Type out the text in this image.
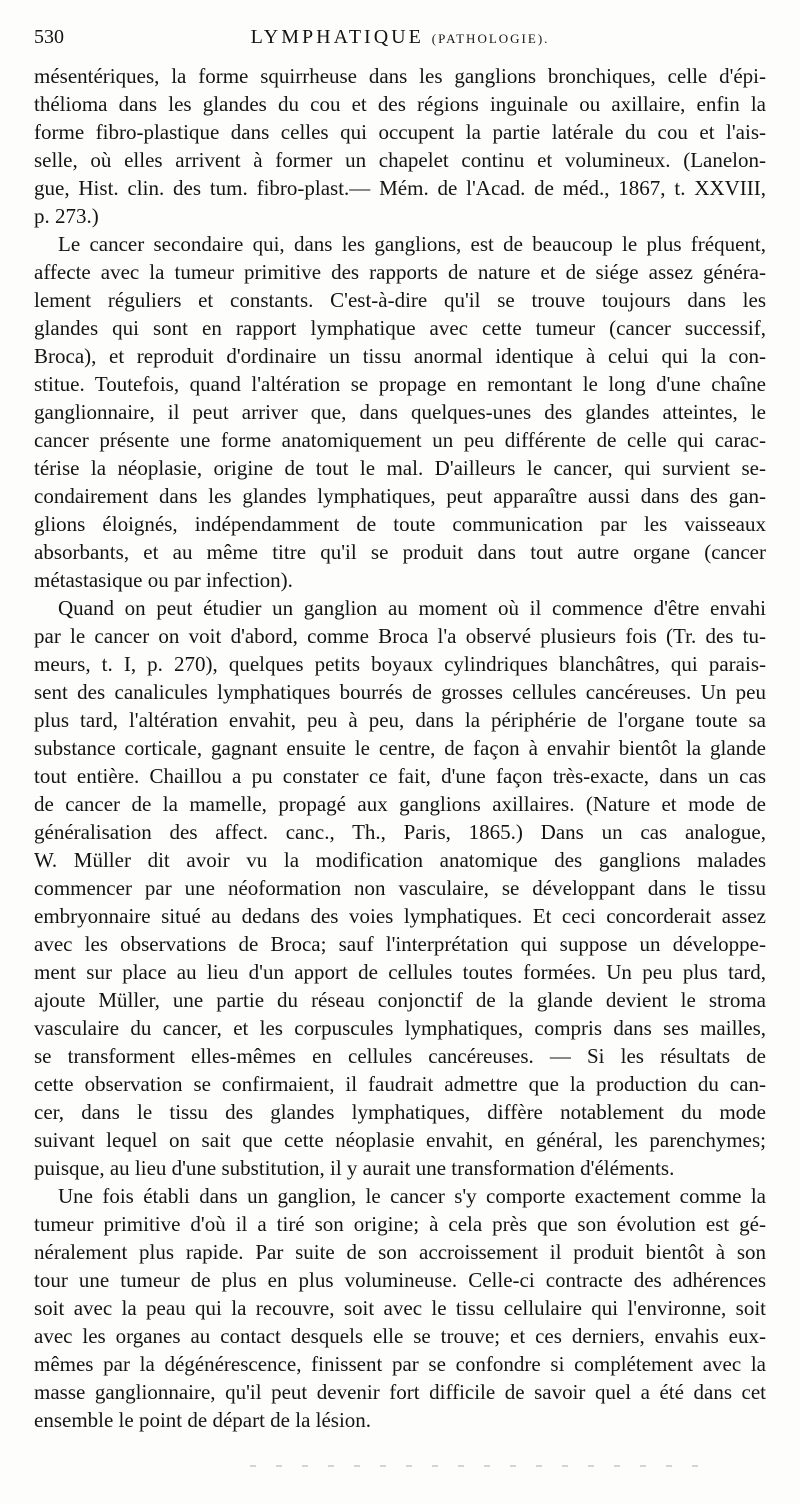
530	LYMPHATIQUE (PATHOLOGIE).
mésentériques, la forme squirrheuse dans les ganglions bronchiques, celle d'épi-
thélioma dans les glandes du cou et des régions inguinale ou axillaire, enfin la
forme fibro-plastique dans celles qui occupent la partie latérale du cou et l'ais-
selle, où elles arrivent à former un chapelet continu et volumineux. (Lanelon-
gue, Hist. clin. des tum. fibro-plast.— Mém. de l'Acad. de méd., 1867, t. XXVIII,
p. 273.)
Le cancer secondaire qui, dans les ganglions, est de beaucoup le plus fréquent,
affecte avec la tumeur primitive des rapports de nature et de siége assez généra-
lement réguliers et constants. C'est-à-dire qu'il se trouve toujours dans les
glandes qui sont en rapport lymphatique avec cette tumeur (cancer successif,
Broca), et reproduit d'ordinaire un tissu anormal identique à celui qui la con-
stitue. Toutefois, quand l'altération se propage en remontant le long d'une chaîne
ganglionnaire, il peut arriver que, dans quelques-unes des glandes atteintes, le
cancer présente une forme anatomiquement un peu différente de celle qui carac-
térise la néoplasie, origine de tout le mal. D'ailleurs le cancer, qui survient se-
condairement dans les glandes lymphatiques, peut apparaître aussi dans des gan-
glions éloignés, indépendamment de toute communication par les vaisseaux
absorbants, et au même titre qu'il se produit dans tout autre organe (cancer
métastasique ou par infection).
Quand on peut étudier un ganglion au moment où il commence d'être envahi
par le cancer on voit d'abord, comme Broca l'a observé plusieurs fois (Tr. des tu-
meurs, t. I, p. 270), quelques petits boyaux cylindriques blanchâtres, qui parais-
sent des canalicules lymphatiques bourrés de grosses cellules cancéreuses. Un peu
plus tard, l'altération envahit, peu à peu, dans la périphérie de l'organe toute sa
substance corticale, gagnant ensuite le centre, de façon à envahir bientôt la glande
tout entière. Chaillou a pu constater ce fait, d'une façon très-exacte, dans un cas
de cancer de la mamelle, propagé aux ganglions axillaires. (Nature et mode de
généralisation des affect. canc., Th., Paris, 1865.) Dans un cas analogue,
W. Müller dit avoir vu la modification anatomique des ganglions malades
commencer par une néoformation non vasculaire, se développant dans le tissu
embryonnaire situé au dedans des voies lymphatiques. Et ceci concorderait assez
avec les observations de Broca; sauf l'interprétation qui suppose un développe-
ment sur place au lieu d'un apport de cellules toutes formées. Un peu plus tard,
ajoute Müller, une partie du réseau conjonctif de la glande devient le stroma
vasculaire du cancer, et les corpuscules lymphatiques, compris dans ses mailles,
se transforment elles-mêmes en cellules cancéreuses. — Si les résultats de
cette observation se confirmaient, il faudrait admettre que la production du can-
cer, dans le tissu des glandes lymphatiques, diffère notablement du mode
suivant lequel on sait que cette néoplasie envahit, en général, les parenchymes;
puisque, au lieu d'une substitution, il y aurait une transformation d'éléments.
Une fois établi dans un ganglion, le cancer s'y comporte exactement comme la
tumeur primitive d'où il a tiré son origine; à cela près que son évolution est gé-
néralement plus rapide. Par suite de son accroissement il produit bientôt à son
tour une tumeur de plus en plus volumineuse. Celle-ci contracte des adhérences
soit avec la peau qui la recouvre, soit avec le tissu cellulaire qui l'environne, soit
avec les organes au contact desquels elle se trouve; et ces derniers, envahis eux-
mêmes par la dégénérescence, finissent par se confondre si complétement avec la
masse ganglionnaire, qu'il peut devenir fort difficile de savoir quel a été dans cet
ensemble le point de départ de la lésion.
